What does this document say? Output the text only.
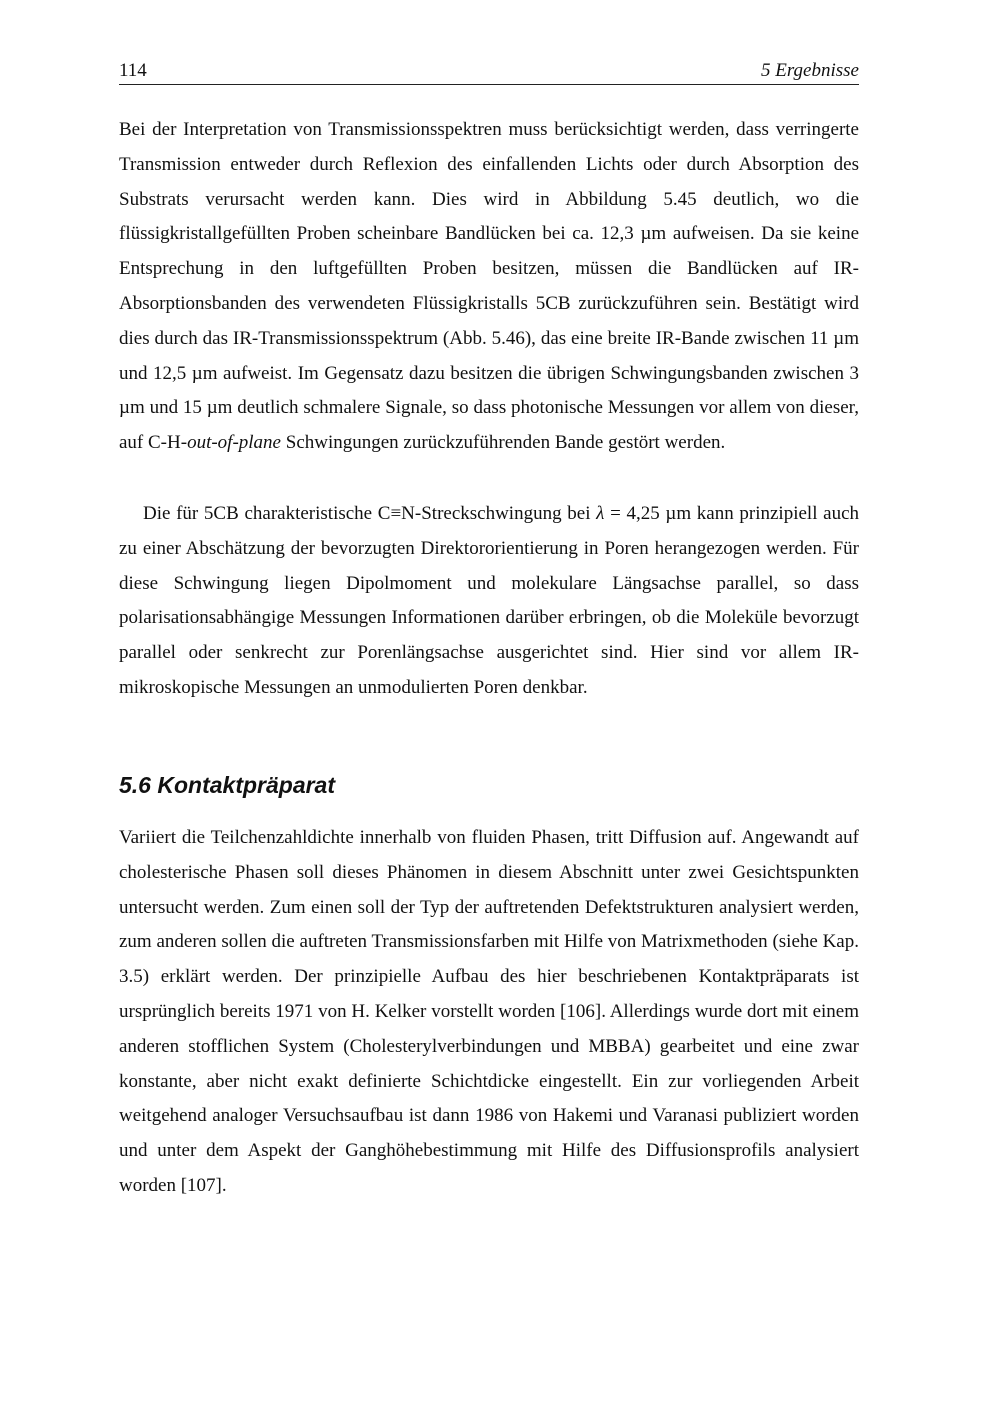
114	5 Ergebnisse

Bei der Interpretation von Transmissionsspektren muss berücksichtigt werden, dass verringerte Transmission entweder durch Reflexion des einfallenden Lichts oder durch Absorption des Substrats verursacht werden kann. Dies wird in Abbildung 5.45 deutlich, wo die flüssigkristallgefüllten Proben scheinbare Bandlücken bei ca. 12,3 µm aufweisen. Da sie keine Entsprechung in den luftgefüllten Proben besitzen, müssen die Bandlücken auf IR-Absorptionsbanden des verwendeten Flüssigkristalls 5CB zurückzuführen sein. Bestätigt wird dies durch das IR-Transmissionsspektrum (Abb. 5.46), das eine breite IR-Bande zwischen 11 µm und 12,5 µm aufweist. Im Gegensatz dazu besitzen die übrigen Schwingungsbanden zwischen 3 µm und 15 µm deutlich schmalere Signale, so dass photonische Messungen vor allem von dieser, auf C-H-out-of-plane Schwingungen zurückzuführenden Bande gestört werden.

Die für 5CB charakteristische C≡N-Streckschwingung bei λ = 4,25 µm kann prinzipiell auch zu einer Abschätzung der bevorzugten Direktororientierung in Poren herangezogen werden. Für diese Schwingung liegen Dipolmoment und molekulare Längsachse parallel, so dass polarisationsabhängige Messungen Informationen darüber erbringen, ob die Moleküle bevorzugt parallel oder senkrecht zur Porenlängsachse ausgerichtet sind. Hier sind vor allem IR-mikroskopische Messungen an unmodulierten Poren denkbar.

5.6 Kontaktpräparat

Variiert die Teilchenzahldichte innerhalb von fluiden Phasen, tritt Diffusion auf. Angewandt auf cholesterische Phasen soll dieses Phänomen in diesem Abschnitt unter zwei Gesichtspunkten untersucht werden. Zum einen soll der Typ der auftretenden Defektstrukturen analysiert werden, zum anderen sollen die auftreten Transmissionsfarben mit Hilfe von Matrixmethoden (siehe Kap. 3.5) erklärt werden. Der prinzipielle Aufbau des hier beschriebenen Kontaktpräparats ist ursprünglich bereits 1971 von H. Kelker vorstellt worden [106]. Allerdings wurde dort mit einem anderen stofflichen System (Cholesterylverbindungen und MBBA) gearbeitet und eine zwar konstante, aber nicht exakt definierte Schichtdicke eingestellt. Ein zur vorliegenden Arbeit weitgehend analoger Versuchsaufbau ist dann 1986 von Hakemi und Varanasi publiziert worden und unter dem Aspekt der Ganghöhebestimmung mit Hilfe des Diffusionsprofils analysiert worden [107].
